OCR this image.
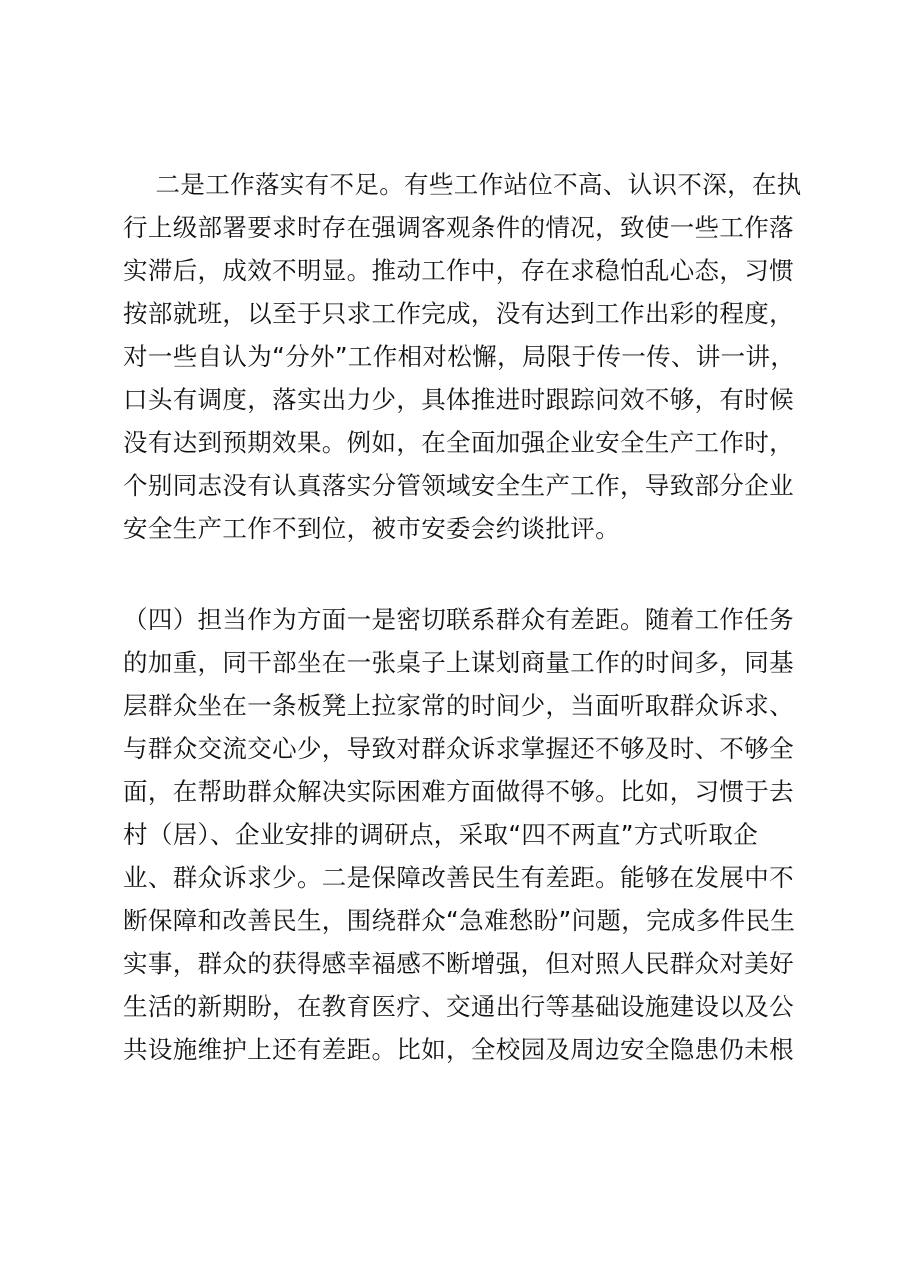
二是工作落实有不足。有些工作站位不高、认识不深，在执
行上级部署要求时存在强调客观条件的情况，致使一些工作落
实滞后，成效不明显。推动工作中，存在求稳怕乱心态，习惯
按部就班，以至于只求工作完成，没有达到工作出彩的程度，
对一些自认为“分外”工作相对松懈，局限于传一传、讲一讲，
口头有调度，落实出力少，具体推进时跟踪问效不够，有时候
没有达到预期效果。例如，在全面加强企业安全生产工作时，
个别同志没有认真落实分管领域安全生产工作，导致部分企业
安全生产工作不到位，被市安委会约谈批评。
（四）担当作为方面一是密切联系群众有差距。随着工作任务
的加重，同干部坐在一张桌子上谋划商量工作的时间多，同基
层群众坐在一条板凳上拉家常的时间少，当面听取群众诉求、
与群众交流交心少，导致对群众诉求掌握还不够及时、不够全
面，在帮助群众解决实际困难方面做得不够。比如，习惯于去
村（居）、企业安排的调研点，采取“四不两直”方式听取企
业、群众诉求少。二是保障改善民生有差距。能够在发展中不
断保障和改善民生，围绕群众“急难愁盼”问题，完成多件民生
实事，群众的获得感幸福感不断增强，但对照人民群众对美好
生活的新期盼，在教育医疗、交通出行等基础设施建设以及公
共设施维护上还有差距。比如，全校园及周边安全隐患仍未根
